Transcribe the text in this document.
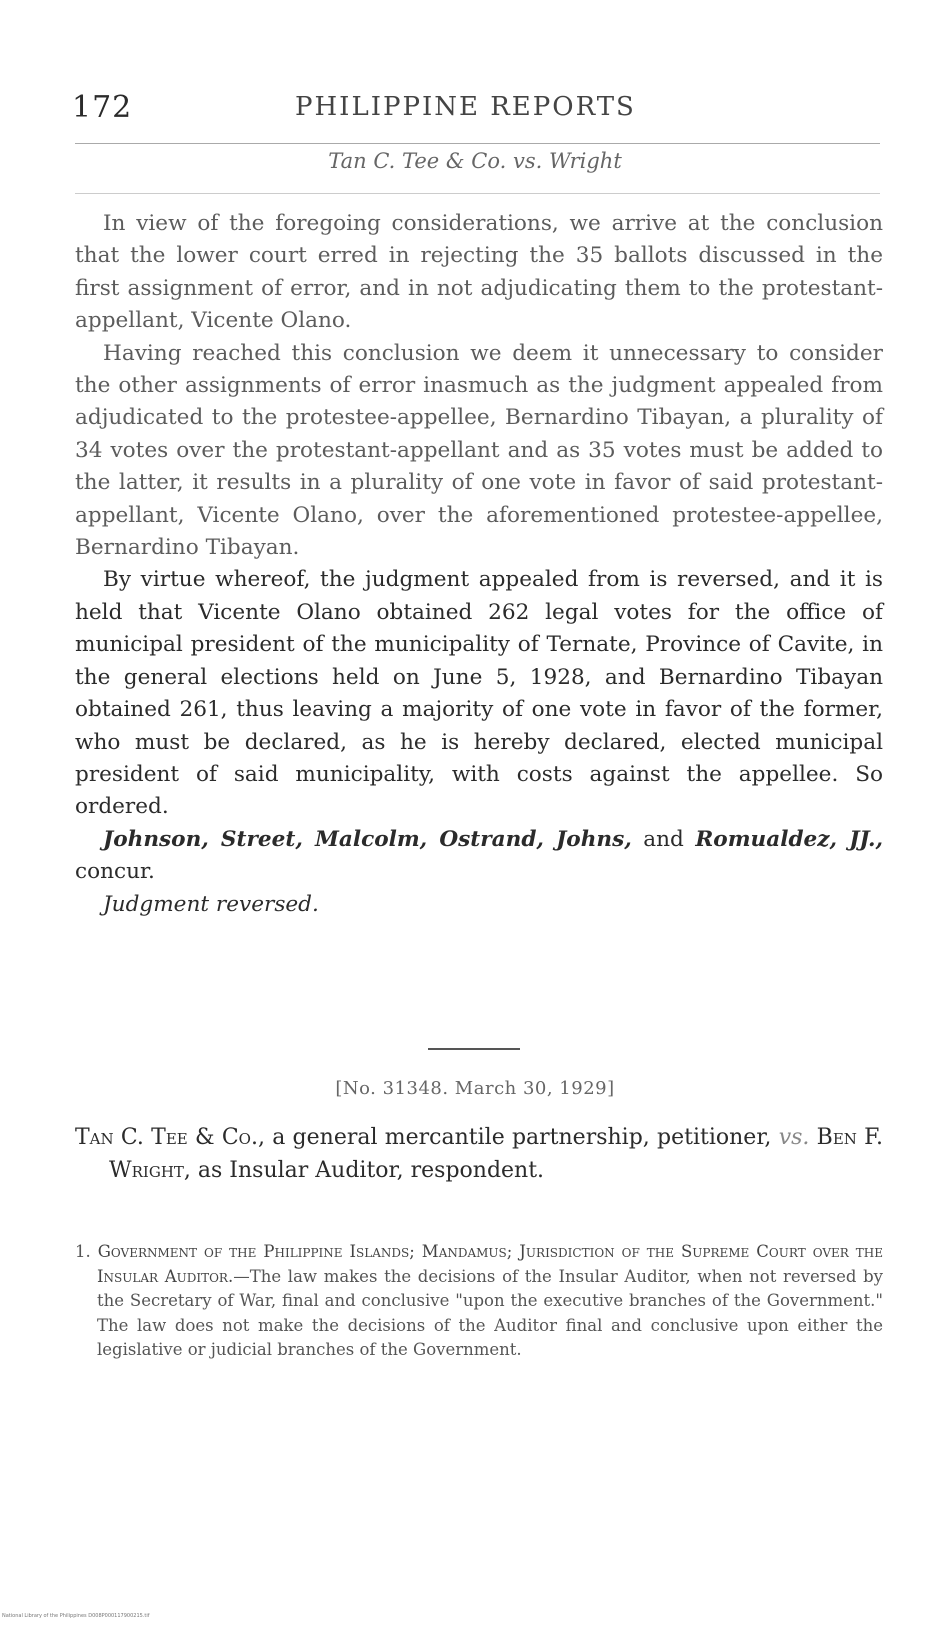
172	PHILIPPINE REPORTS
Tan C. Tee & Co. vs. Wright

In view of the foregoing considerations, we arrive at the conclusion that the lower court erred in rejecting the 35 ballots discussed in the first assignment of error, and in not adjudicating them to the protestant-appellant, Vicente Olano.

Having reached this conclusion we deem it unnecessary to consider the other assignments of error inasmuch as the judgment appealed from adjudicated to the protestee-appellee, Bernardino Tibayan, a plurality of 34 votes over the protestant-appellant and as 35 votes must be added to the latter, it results in a plurality of one vote in favor of said protestant-appellant, Vicente Olano, over the aforementioned protestee-appellee, Bernardino Tibayan.

By virtue whereof, the judgment appealed from is reversed, and it is held that Vicente Olano obtained 262 legal votes for the office of municipal president of the municipality of Ternate, Province of Cavite, in the general elections held on June 5, 1928, and Bernardino Tibayan obtained 261, thus leaving a majority of one vote in favor of the former, who must be declared, as he is hereby declared, elected municipal president of said municipality, with costs against the appellee. So ordered.

Johnson, Street, Malcolm, Ostrand, Johns, and Romualdez, JJ., concur.

Judgment reversed.

[No. 31348. March 30, 1929]
Tan C. Tee & Co., a general mercantile partnership, petitioner, vs. Ben F. Wright, as Insular Auditor, respondent.
1. Government of the Philippine Islands; Mandamus; Jurisdiction of the Supreme Court over the Insular Auditor.—The law makes the decisions of the Insular Auditor, when not reversed by the Secretary of War, final and conclusive "upon the executive branches of the Government." The law does not make the decisions of the Auditor final and conclusive upon either the legislative or judicial branches of the Government.
National Library of the Philippines D008P000117900215.tif
